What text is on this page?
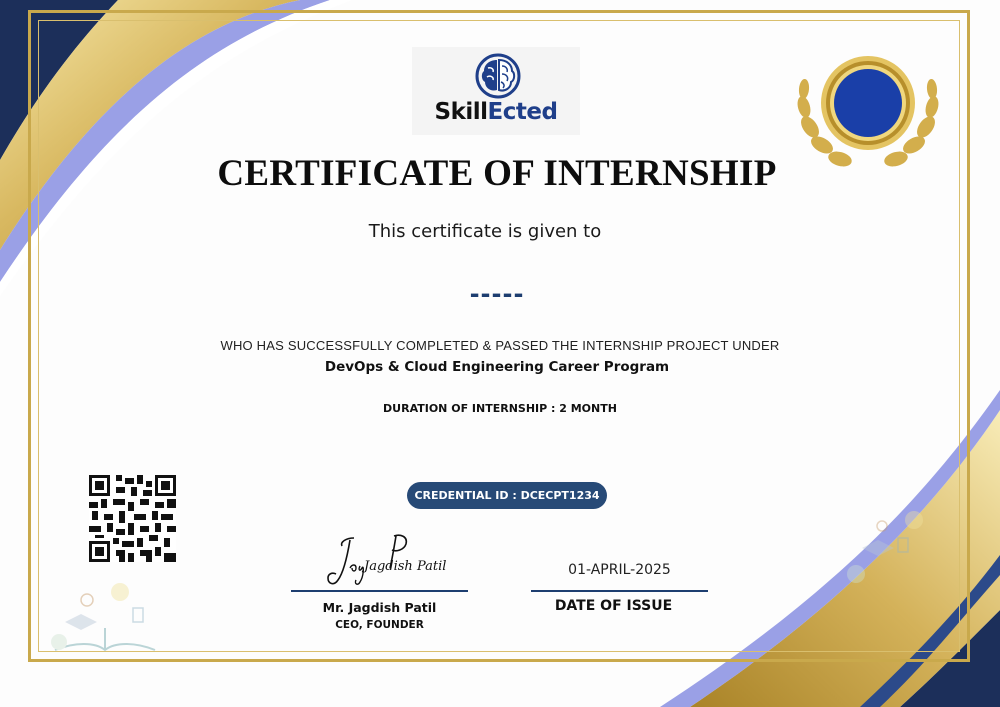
SkillEcted
CERTIFICATE OF INTERNSHIP
This certificate is given to
-----
WHO HAS SUCCESSFULLY COMPLETED & PASSED THE INTERNSHIP PROJECT UNDER
DevOps & Cloud Engineering Career Program
DURATION OF INTERNSHIP : 2 MONTH
CREDENTIAL ID : DCECPT1234
Jagdish Patil
Mr. Jagdish Patil
CEO, FOUNDER
01-APRIL-2025
DATE OF ISSUE
